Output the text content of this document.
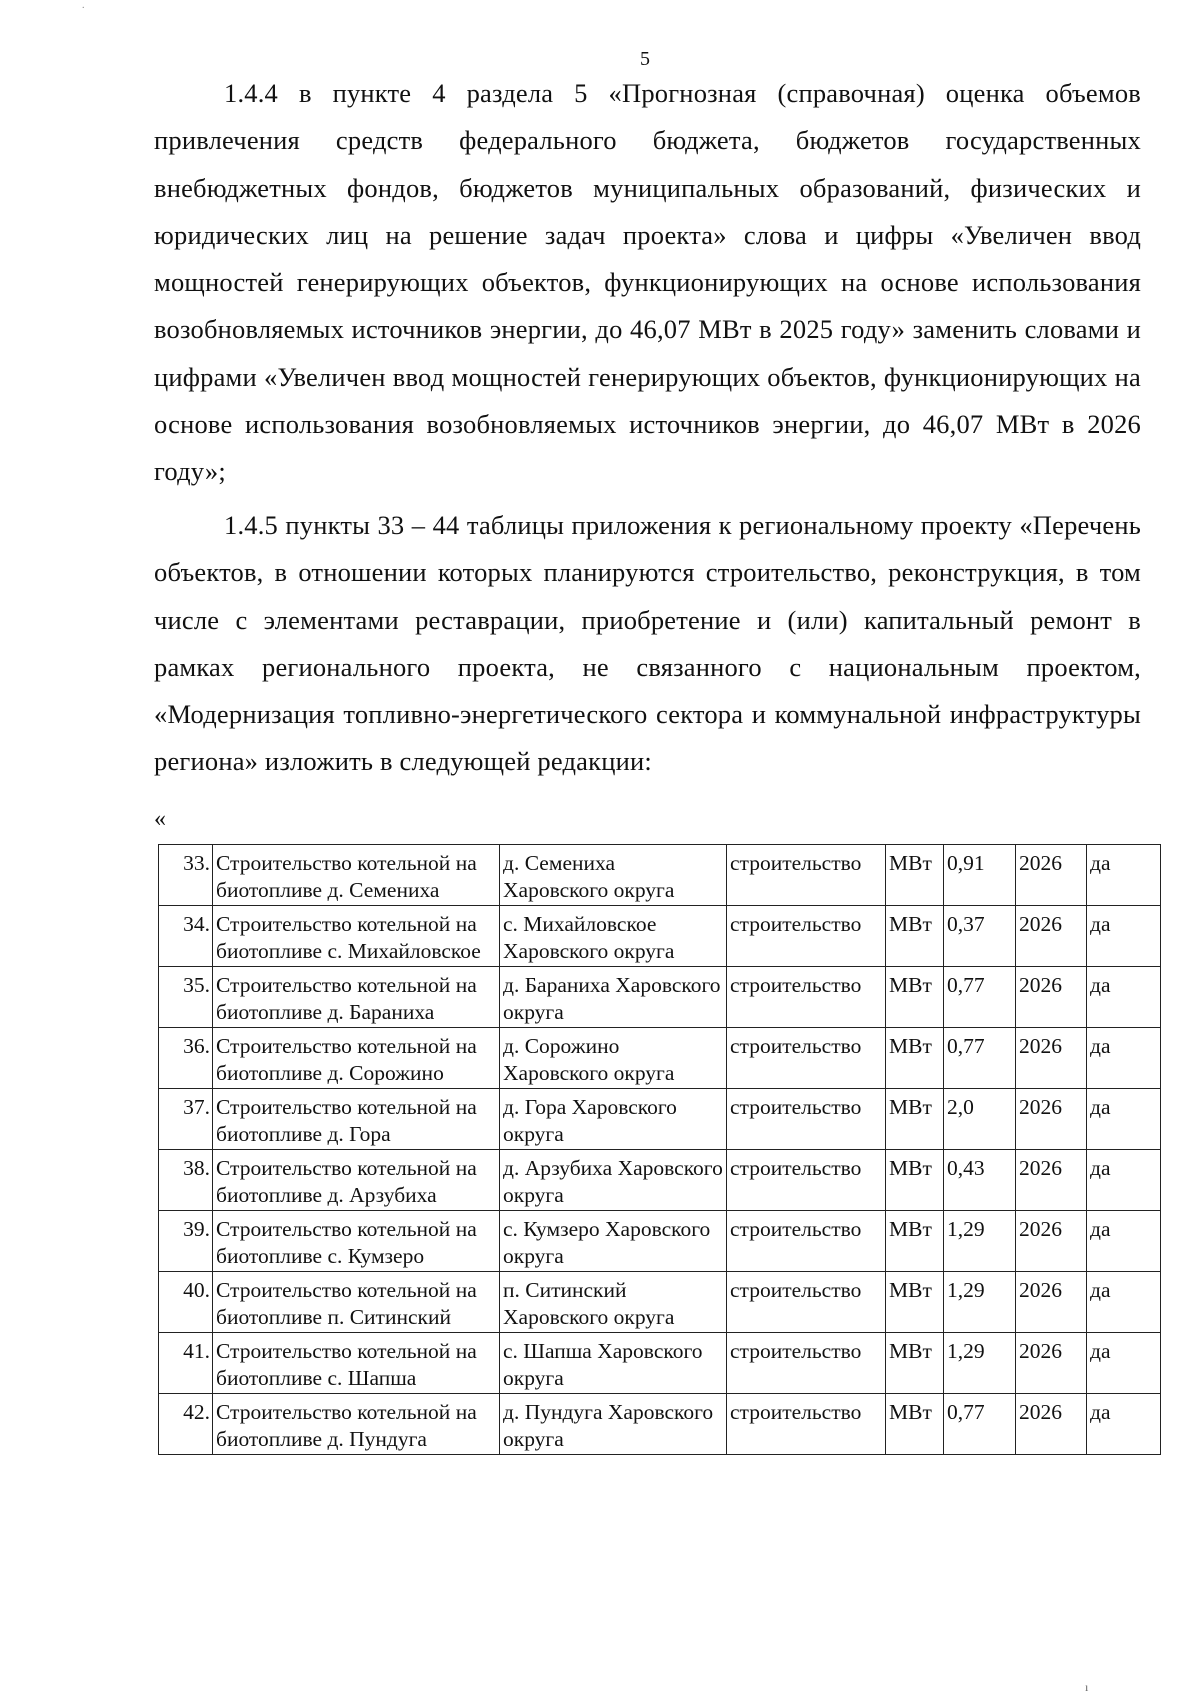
.
5

1.4.4 в пункте 4 раздела 5 «Прогнозная (справочная) оценка объемов привлечения средств федерального бюджета, бюджетов государственных внебюджетных фондов, бюджетов муниципальных образований, физических и юридических лиц на решение задач проекта» слова и цифры «Увеличен ввод мощностей генерирующих объектов, функционирующих на основе использования возобновляемых источников энергии, до 46,07 МВт в 2025 году» заменить словами и цифрами «Увеличен ввод мощностей генерирующих объектов, функционирующих на основе использования возобновляемых источников энергии, до 46,07 МВт в 2026 году»;

1.4.5 пункты 33 – 44 таблицы приложения к региональному проекту «Перечень объектов, в отношении которых планируются строительство, реконструкция, в том числе с элементами реставрации, приобретение и (или) капитальный ремонт в рамках регионального проекта, не связанного с национальным проектом, «Модернизация топливно-энергетического сектора и коммунальной инфраструктуры региона» изложить в следующей редакции:

«
33.	Строительство котельной на биотопливе д. Семениха	д. Семениха Харовского округа	строительство	МВт	0,91	2026	да
34.	Строительство котельной на биотопливе с. Михайловское	с. Михайловское Харовского округа	строительство	МВт	0,37	2026	да
35.	Строительство котельной на биотопливе д. Бараниха	д. Бараниха Харовского округа	строительство	МВт	0,77	2026	да
36.	Строительство котельной на биотопливе д. Сорожино	д. Сорожино Харовского округа	строительство	МВт	0,77	2026	да
37.	Строительство котельной на биотопливе д. Гора	д. Гора Харовского округа	строительство	МВт	2,0	2026	да
38.	Строительство котельной на биотопливе д. Арзубиха	д. Арзубиха Харовского округа	строительство	МВт	0,43	2026	да
39.	Строительство котельной на биотопливе с. Кумзеро	с. Кумзеро Харовского округа	строительство	МВт	1,29	2026	да
40.	Строительство котельной на биотопливе п. Ситинский	п. Ситинский Харовского округа	строительство	МВт	1,29	2026	да
41.	Строительство котельной на биотопливе с. Шапша	с. Шапша Харовского округа	строительство	МВт	1,29	2026	да
42.	Строительство котельной на биотопливе д. Пундуга	д. Пундуга Харовского округа	строительство	МВт	0,77	2026	да
ı
